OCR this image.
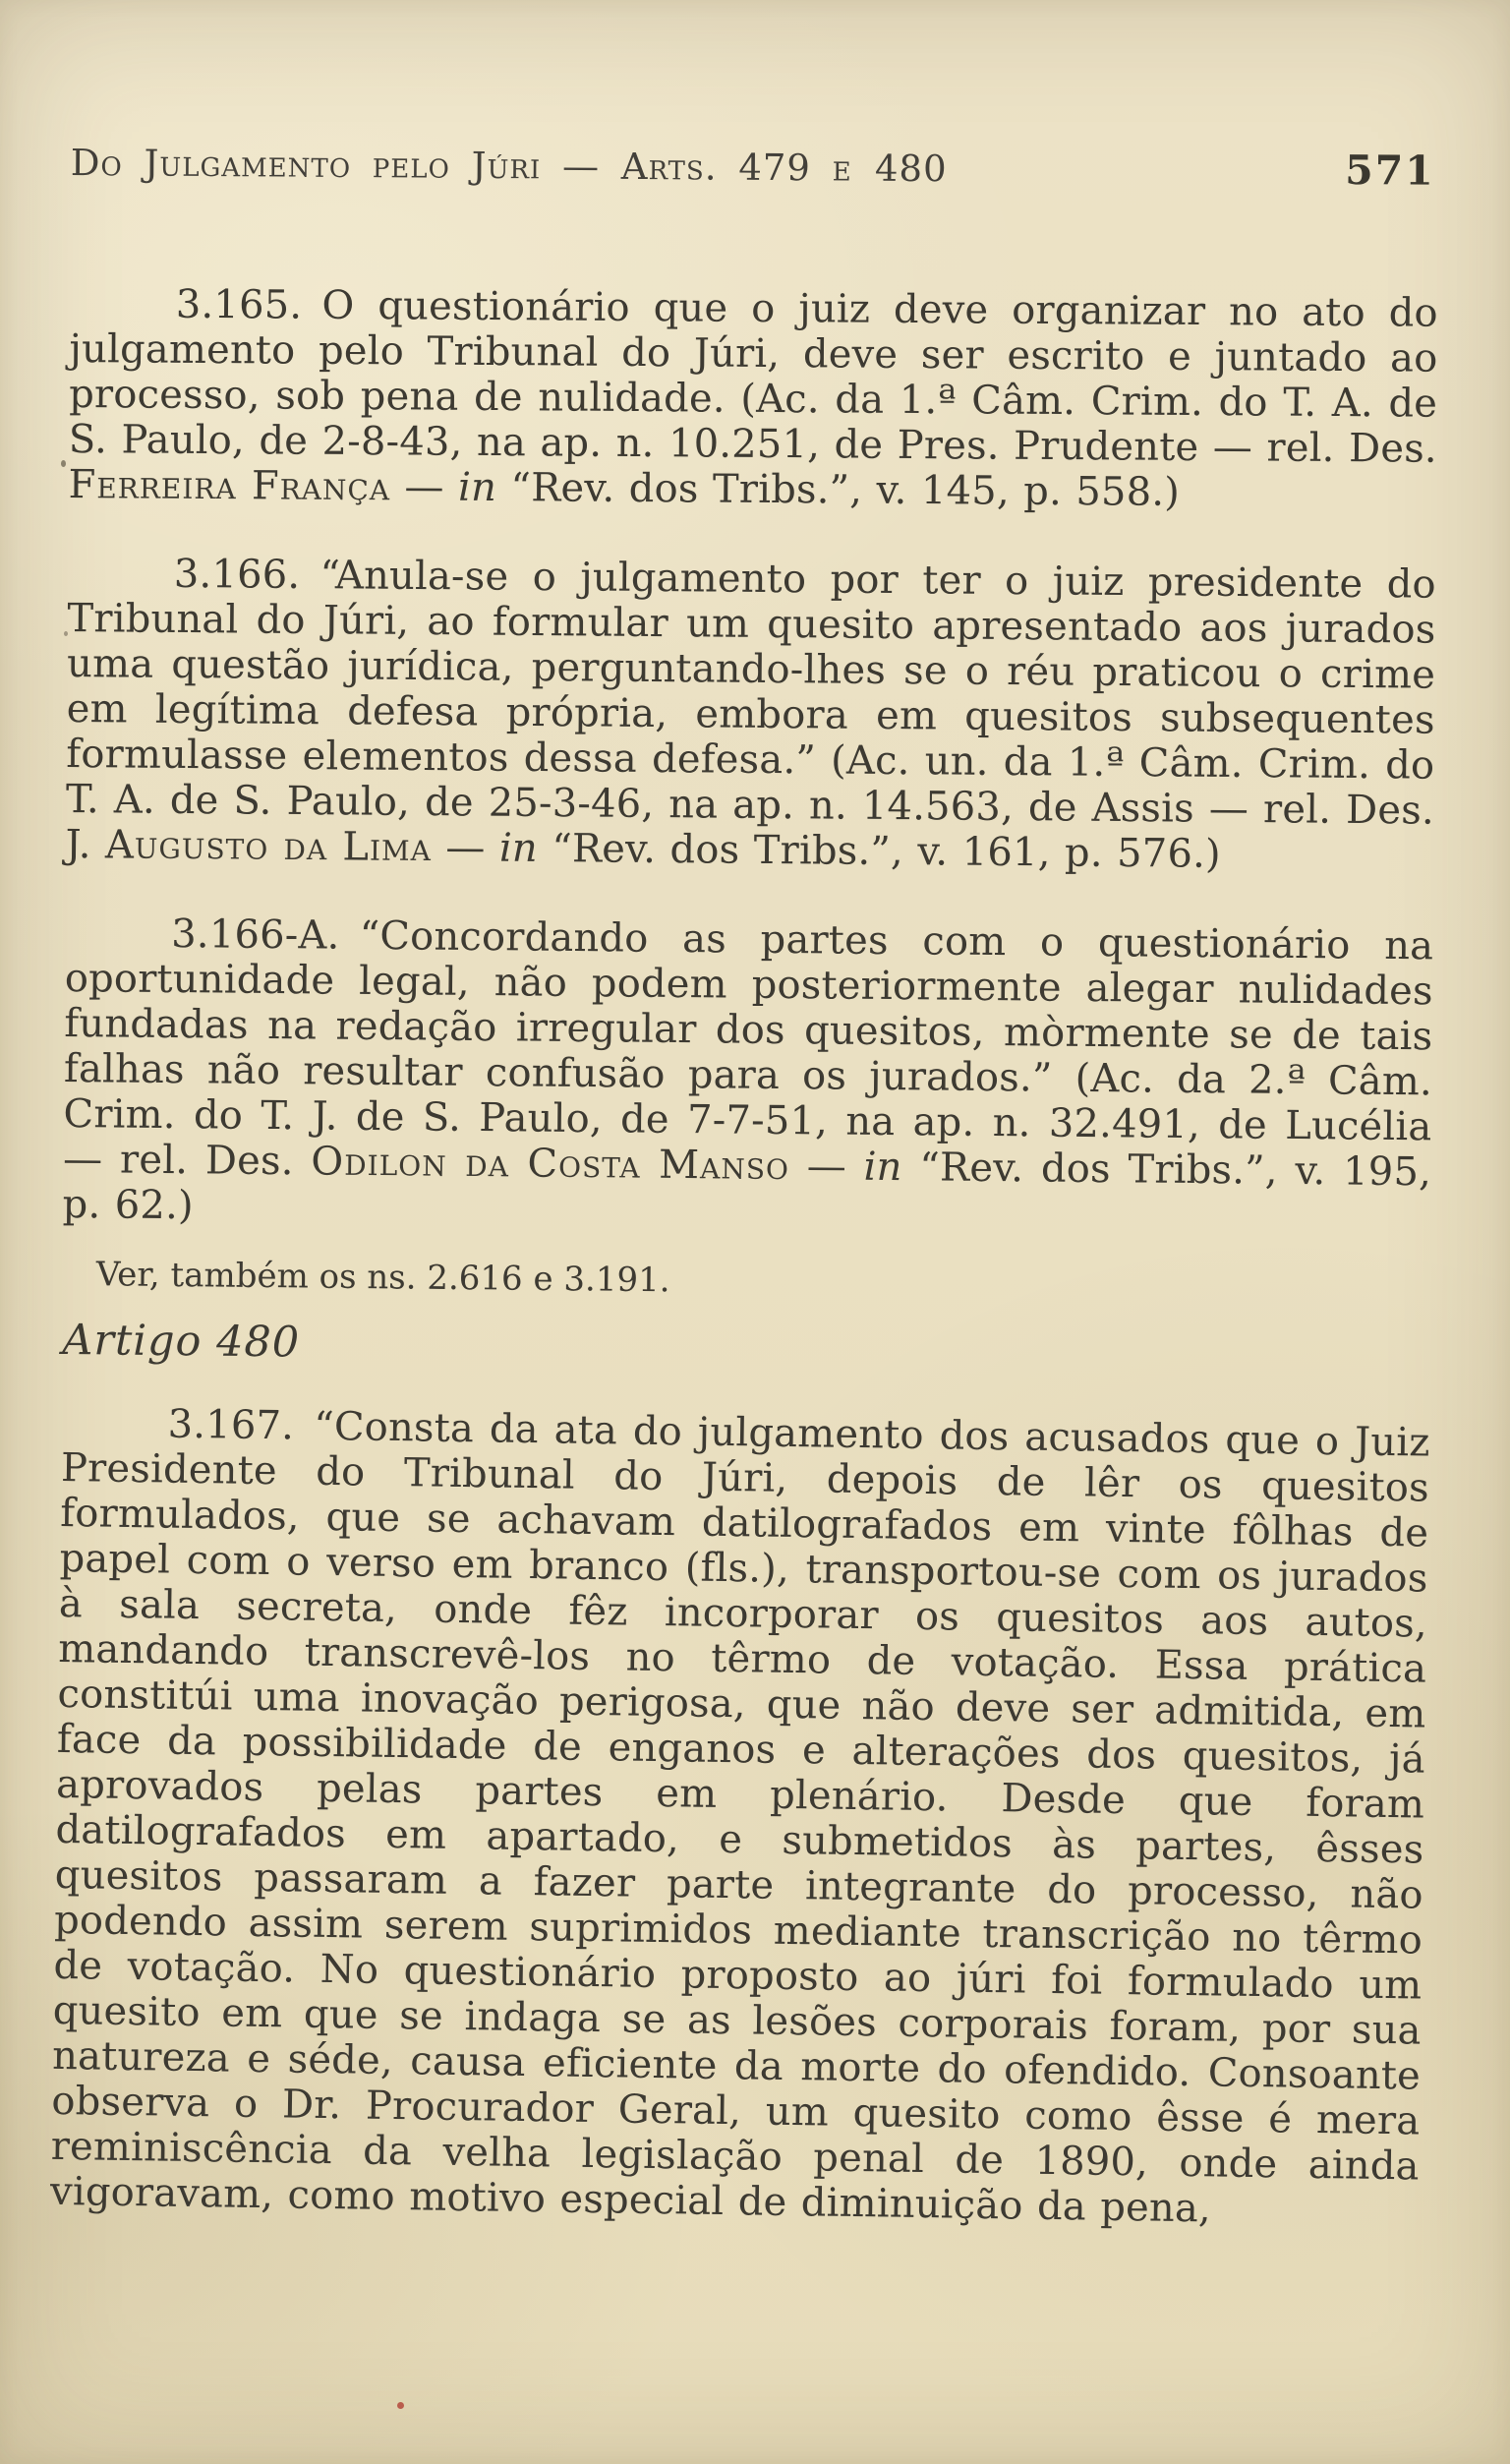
Do Julgamento pelo Júri — Arts. 479 e 480	571

3.165. O questionário que o juiz deve organizar no ato do julgamento pelo Tribunal do Júri, deve ser escrito e juntado ao processo, sob pena de nulidade. (Ac. da 1.ª Câm. Crim. do T. A. de S. Paulo, de 2-8-43, na ap. n. 10.251, de Pres. Prudente — rel. Des. Ferreira França — in “Rev. dos Tribs.”, v. 145, p. 558.)

3.166. “Anula-se o julgamento por ter o juiz presidente do Tribunal do Júri, ao formular um quesito apresentado aos jurados uma questão jurídica, perguntando-lhes se o réu praticou o crime em legítima defesa própria, embora em quesitos subsequentes formulasse elementos dessa defesa.” (Ac. un. da 1.ª Câm. Crim. do T. A. de S. Paulo, de 25-3-46, na ap. n. 14.563, de Assis — rel. Des. J. Augusto da Lima — in “Rev. dos Tribs.”, v. 161, p. 576.)

3.166-A. “Concordando as partes com o questionário na oportunidade legal, não podem posteriormente alegar nulidades fundadas na redação irregular dos quesitos, mòrmente se de tais falhas não resultar confusão para os jurados.” (Ac. da 2.ª Câm. Crim. do T. J. de S. Paulo, de 7-7-51, na ap. n. 32.491, de Lucélia — rel. Des. Odilon da Costa Manso — in “Rev. dos Tribs.”, v. 195, p. 62.)

Ver, também os ns. 2.616 e 3.191.

Artigo 480

3.167. “Consta da ata do julgamento dos acusados que o Juiz Presidente do Tribunal do Júri, depois de lêr os quesitos formulados, que se achavam datilografados em vinte fôlhas de papel com o verso em branco (fls.), transportou-se com os jurados à sala secreta, onde fêz incorporar os quesitos aos autos, mandando transcrevê-los no têrmo de votação. Essa prática constitúi uma inovação perigosa, que não deve ser admitida, em face da possibilidade de enganos e alterações dos quesitos, já aprovados pelas partes em plenário. Desde que foram datilografados em apartado, e submetidos às partes, êsses quesitos passaram a fazer parte integrante do processo, não podendo assim serem suprimidos mediante transcrição no têrmo de votação. No questionário proposto ao júri foi formulado um quesito em que se indaga se as lesões corporais foram, por sua natureza e séde, causa eficiente da morte do ofendido. Consoante observa o Dr. Procurador Geral, um quesito como êsse é mera reminiscência da velha legislação penal de 1890, onde ainda vigoravam, como motivo especial de diminuição da pena,
